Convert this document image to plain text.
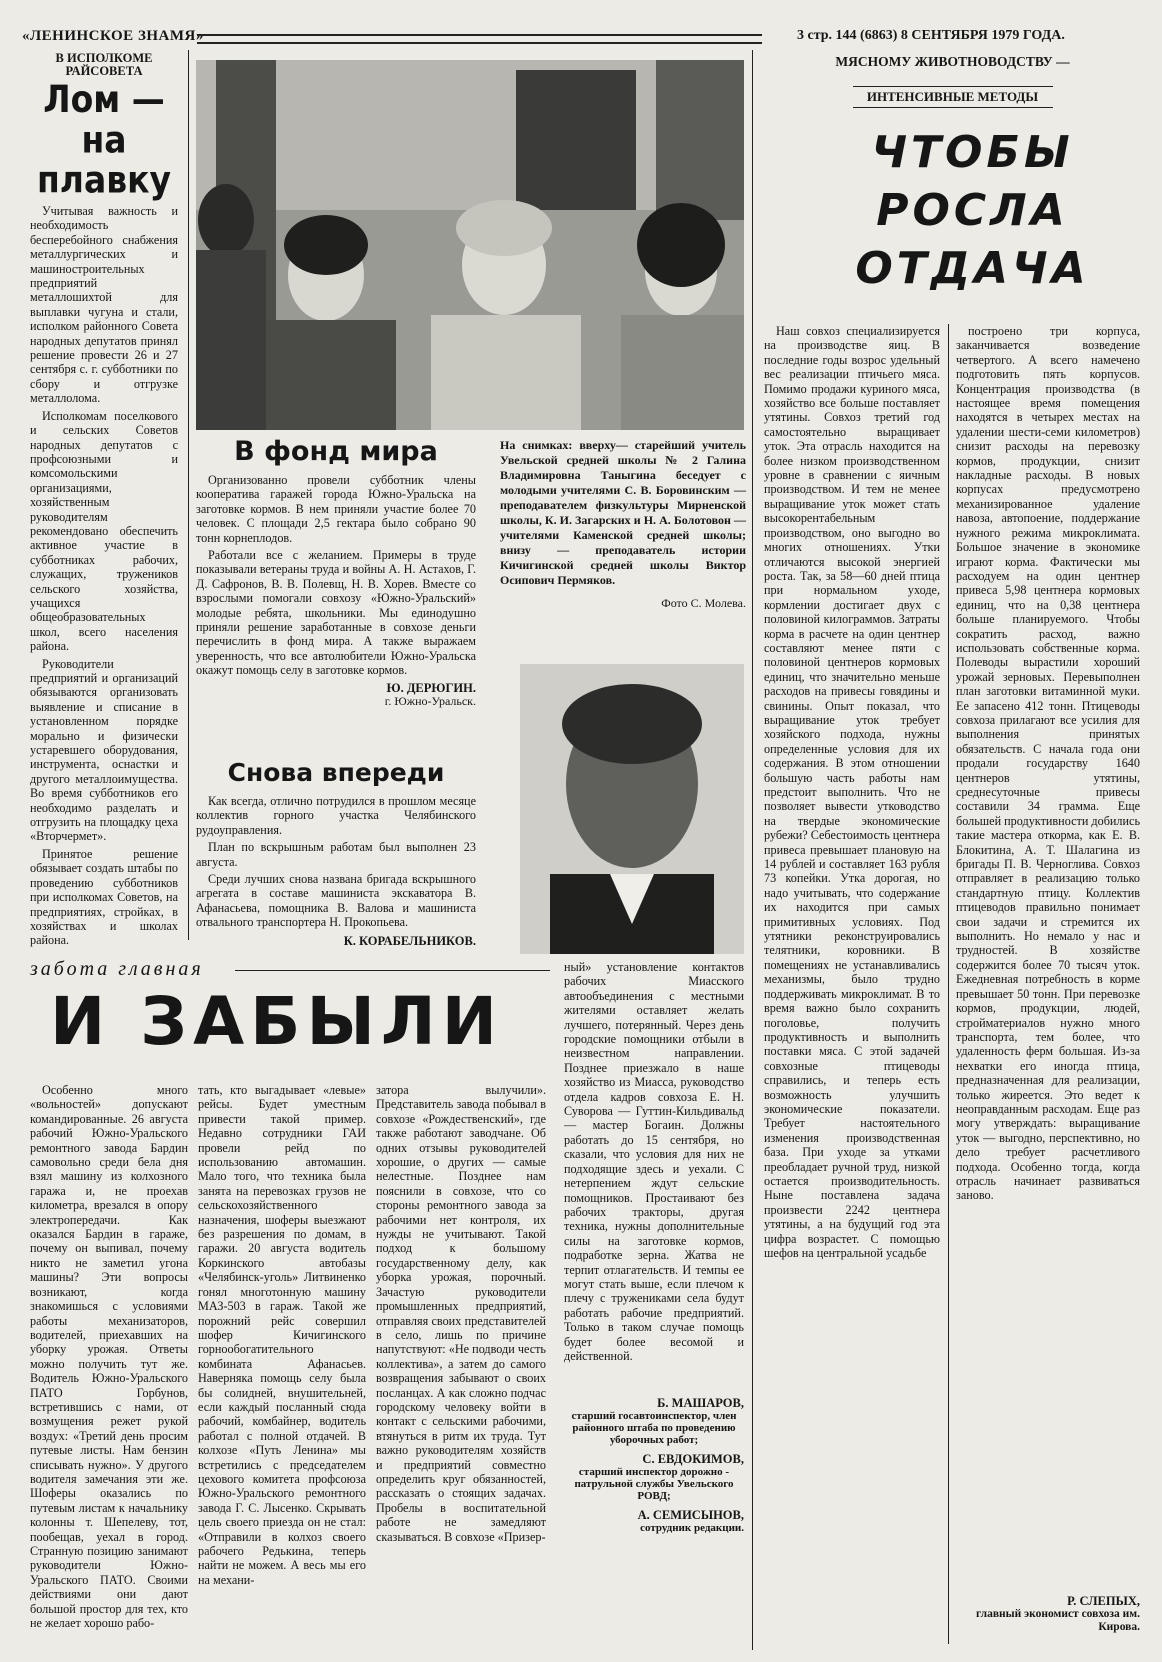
«ЛЕНИНСКОЕ ЗНАМЯ»	3 стр. 144 (6863) 8 СЕНТЯБРЯ 1979 ГОДА.
В ИСПОЛКОМЕ РАЙСОВЕТА
Лом — на плавку

Учитывая важность и необходимость бесперебойного снабжения металлургических и машиностроительных предприятий металлошихтой для выплавки чугуна и стали, исполком районного Совета народных депутатов принял решение провести 26 и 27 сентября с. г. субботники по сбору и отгрузке металлолома.

Исполкомам поселкового и сельских Советов народных депутатов с профсоюзными и комсомольскими организациями, хозяйственным руководителям рекомендовано обеспечить активное участие в субботниках рабочих, служащих, тружеников сельского хозяйства, учащихся общеобразовательных школ, всего населения района.

Руководители предприятий и организаций обязываются организовать выявление и списание в установленном порядке морально и физически устаревшего оборудования, инструмента, оснастки и другого металлоимущества. Во время субботников его необходимо разделать и отгрузить на площадку цеха «Вторчермет».

Принятое решение обязывает создать штабы по проведению субботников при исполкомах Советов, на предприятиях, стройках, в хозяйствах и школах района.

В фонд мира

Организованно провели субботник члены кооператива гаражей города Южно-Уральска на заготовке кормов. В нем приняли участие более 70 человек. С площади 2,5 гектара было собрано 90 тонн корнеплодов.

Работали все с желанием. Примеры в труде показывали ветераны труда и войны А. Н. Астахов, Г. Д. Сафронов, В. В. Полевщ, Н. В. Хорев. Вместе со взрослыми помогали совхозу «Южно-Уральский» молодые ребята, школьники. Мы единодушно приняли решение заработанные в совхозе деньги перечислить в фонд мира. А также выражаем уверенность, что все автолюбители Южно-Уральска окажут помощь селу в заготовке кормов.

Ю. ДЕРЮГИН.

г. Южно-Уральск.

Снова впереди

Как всегда, отлично потрудился в прошлом месяце коллектив горного участка Челябинского рудоуправления.

План по вскрышным работам был выполнен 23 августа.

Среди лучших снова названа бригада вскрышного агрегата в составе машиниста экскаватора В. Афанасьева, помощника В. Валова и машиниста отвального транспортера Н. Прокопьева.

К. КОРАБЕЛЬНИКОВ.

На снимках: вверху— старейший учитель Увельской средней школы № 2 Галина Владимировна Таныгина беседует с молодыми учителями С. В. Боровинским — преподавателем физкультуры Мирненской школы, К. И. Загарских и Н. А. Болотовон —учителями Каменской средней школы; внизу — преподаватель истории Кичигинской средней школы Виктор Осипович Пермяков.

Фото С. Молева.

МЯСНОМУ ЖИВОТНОВОДСТВУ —
ИНТЕНСИВНЫЕ МЕТОДЫ
ЧТОБЫ
РОСЛА
ОТДАЧА

Наш совхоз специализируется на производстве яиц. В последние годы возрос удельный вес реализации птичьего мяса. Помимо продажи куриного мяса, хозяйство все больше поставляет утятины. Совхоз третий год самостоятельно выращивает уток. Эта отрасль находится на более низком производственном уровне в сравнении с яичным производством. И тем не менее выращивание уток может стать высокорентабельным производством, оно выгодно во многих отношениях. Утки отличаются высокой энергией роста. Так, за 58—60 дней птица при нормальном уходе, кормлении достигает двух с половиной килограммов. Затраты корма в расчете на один центнер составляют менее пяти с половиной центнеров кормовых единиц, что значительно меньше расходов на привесы говядины и свинины. Опыт показал, что выращивание уток требует хозяйского подхода, нужны определенные условия для их содержания. В этом отношении большую часть работы нам предстоит выполнить. Что не позволяет вывести утководство на твердые экономические рубежи? Себестоимость центнера привеса превышает плановую на 14 рублей и составляет 163 рубля 73 копейки. Утка дорогая, но надо учитывать, что содержание их находится при самых примитивных условиях. Под утятники реконструировались телятники, коровники. В помещениях не устанавливались механизмы, было трудно поддерживать микроклимат. В то время важно было сохранить поголовье, получить продуктивность и выполнить поставки мяса. С этой задачей совхозные птицеводы справились, и теперь есть возможность улучшить экономические показатели. Требует настоятельного изменения производственная база. При уходе за утками преобладает ручной труд, низкой остается производительность. Ныне поставлена задача произвести 2242 центнера утятины, а на будущий год эта цифра возрастет. С помощью шефов на центральной усадьбе

построено три корпуса, заканчивается возведение четвертого. А всего намечено подготовить пять корпусов. Концентрация производства (в настоящее время помещения находятся в четырех местах на удалении шести-семи километров) снизит расходы на перевозку кормов, продукции, снизит накладные расходы. В новых корпусах предусмотрено механизированное удаление навоза, автопоение, поддержание нужного режима микроклимата. Большое значение в экономике играют корма. Фактически мы расходуем на один центнер привеса 5,98 центнера кормовых единиц, что на 0,38 центнера больше планируемого. Чтобы сократить расход, важно использовать собственные корма. Полеводы вырастили хороший урожай зерновых. Перевыполнен план заготовки витаминной муки. Ее запасено 412 тонн. Птицеводы совхоза прилагают все усилия для выполнения принятых обязательств. С начала года они продали государству 1640 центнеров утятины, среднесуточные привесы составили 34 грамма. Еще большей продуктивности добились такие мастера откорма, как Е. В. Блокитина, А. Т. Шалагина из бригады П. В. Черноглива. Совхоз отправляет в реализацию только стандартную птицу. Коллектив птицеводов правильно понимает свои задачи и стремится их выполнить. Но немало у нас и трудностей. В хозяйстве содержится более 70 тысяч уток. Ежедневная потребность в корме превышает 50 тонн. При перевозке кормов, продукции, людей, стройматериалов нужно много транспорта, тем более, что удаленность ферм большая. Из-за нехватки его иногда птица, предназначенная для реализации, только жиреется. Это ведет к неоправданным расходам. Еще раз могу утверждать: выращивание уток — выгодно, перспективно, но дело требует расчетливого подхода. Особенно тогда, когда отрасль начинает развиваться заново.

Р. СЛЕПЫХ,

главный экономист совхоза им. Кирова.

забота главная
И ЗАБЫЛИ

Особенно много «вольностей» допускают командированные. 26 августа рабочий Южно-Уральского ремонтного завода Бардин самовольно среди бела дня взял машину из колхозного гаража и, не проехав километра, врезался в опору электропередачи. Как оказался Бардин в гараже, почему он выпивал, почему никто не заметил угона машины? Эти вопросы возникают, когда знакомишься с условиями работы механизаторов, водителей, приехавших на уборку урожая. Ответы можно получить тут же. Водитель Южно-Уральского ПАТО Горбунов, встретившись с нами, от возмущения режет рукой воздух: «Третий день просим путевые листы. Нам бензин списывать нужно». У другого водителя замечания эти же. Шоферы оказались по путевым листам к начальнику колонны т. Шепелеву, тот, пообещав, уехал в город. Странную позицию занимают руководители Южно-Уральского ПАТО. Своими действиями они дают большой простор для тех, кто не желает хорошо рабо-

тать, кто выгадывает «левые» рейсы. Будет уместным привести такой пример. Недавно сотрудники ГАИ провели рейд по использованию автомашин. Мало того, что техника была занята на перевозках грузов не сельскохозяйственного назначения, шоферы выезжают без разрешения по домам, в гаражи. 20 августа водитель Коркинского автобазы «Челябинск-уголь» Литвиненко гонял многотонную машину МАЗ-503 в гараж. Такой же порожний рейс совершил шофер Кичигинского горнообогатительного комбината Афанасьев. Наверняка помощь селу была бы солидней, внушительней, если каждый посланный сюда рабочий, комбайнер, водитель работал с полной отдачей. В колхозе «Путь Ленина» мы встретились с председателем цехового комитета профсоюза Южно-Уральского ремонтного завода Г. С. Лысенко. Скрывать цель своего приезда он не стал: «Отправили в колхоз своего рабочего Редькина, теперь найти не можем. А весь мы его на механи-

затора вылучили». Представитель завода побывал в совхозе «Рождественский», где также работают заводчане. Об одних отзывы руководителей хорошие, о других — самые нелестные. Позднее нам пояснили в совхозе, что со стороны ремонтного завода за рабочими нет контроля, их нужды не учитывают. Такой подход к большому государственному делу, как уборка урожая, порочный. Зачастую руководители промышленных предприятий, отправляя своих представителей в село, лишь по причине напутствуют: «Не подводи честь коллектива», а затем до самого возвращения забывают о своих посланцах. А как сложно подчас городскому человеку войти в контакт с сельскими рабочими, втянуться в ритм их труда. Тут важно руководителям хозяйств и предприятий совместно определить круг обязанностей, рассказать о стоящих задачах. Пробелы в воспитательной работе не замедляют сказываться. В совхозе «Призер-

ный» установление контактов рабочих Миасского автообъединения с местными жителями оставляет желать лучшего, потерянный. Через день городские помощники отбыли в неизвестном направлении. Позднее приезжало в наше хозяйство из Миасса, руководство отдела кадров совхоза Е. Н. Суворова — Гуттин-Кильдивальд — мастер Богаин. Должны работать до 15 сентября, но сказали, что условия для них не подходящие здесь и уехали. С нетерпением ждут сельские помощников. Простаивают без рабочих тракторы, другая техника, нужны дополнительные силы на заготовке кормов, подработке зерна. Жатва не терпит отлагательств. И темпы ее могут стать выше, если плечом к плечу с тружениками села будут работать рабочие предприятий. Только в таком случае помощь будет более весомой и действенной.

Б. МАШАРОВ,

старший госавтоинспектор, член районного штаба по проведению уборочных работ;

С. ЕВДОКИМОВ,

старший инспектор дорожно - патрульной службы Увельского РОВД;

А. СЕМИСЫНОВ,

сотрудник редакции.
